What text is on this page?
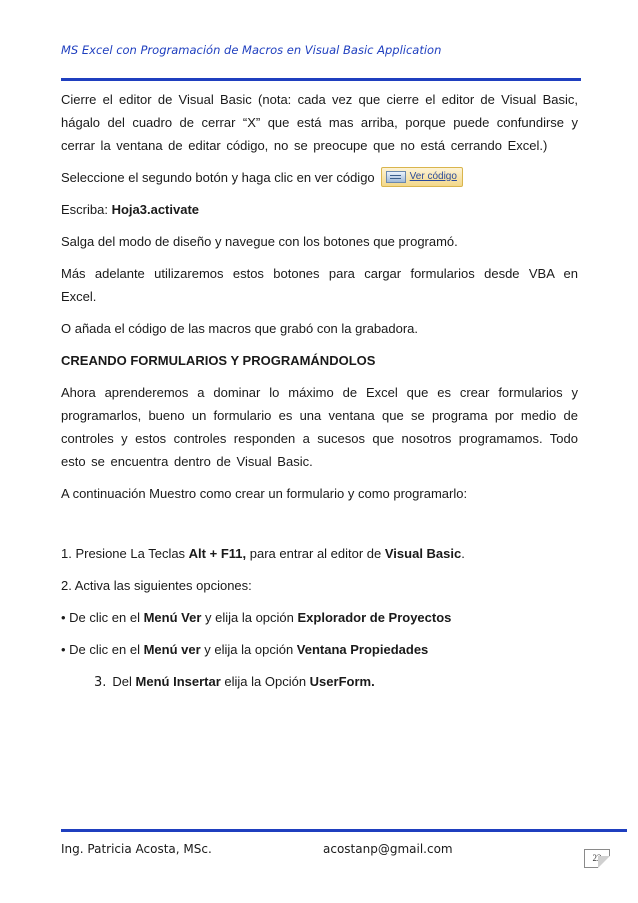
MS Excel con Programación de Macros en Visual Basic Application

Cierre el editor de Visual Basic (nota: cada vez que cierre el editor de Visual Basic, hágalo del cuadro de cerrar “X” que está mas arriba, porque puede confundirse y cerrar la ventana de editar código, no se preocupe que no está cerrando Excel.)

Seleccione el segundo botón y haga clic en ver código	Ver código

Escriba: Hoja3.activate

Salga del modo de diseño y navegue con los botones que programó.

Más adelante utilizaremos estos botones para cargar formularios desde VBA en Excel.

O añada el código de las macros que grabó con la grabadora.

CREANDO FORMULARIOS Y PROGRAMÁNDOLOS

Ahora aprenderemos a dominar lo máximo de Excel que es crear formularios y programarlos, bueno un formulario es una ventana que se programa por medio de controles y estos controles responden a sucesos que nosotros programamos. Todo esto se encuentra dentro de Visual Basic.

A continuación Muestro como crear un formulario y como programarlo:

1. Presione La Teclas Alt + F11, para entrar al editor de Visual Basic.

2. Activa las siguientes opciones:

• De clic en el Menú Ver y elija la opción Explorador de Proyectos

• De clic en el Menú ver y elija la opción Ventana Propiedades

3. Del Menú Insertar elija la Opción UserForm.

Ing. Patricia Acosta, MSc.	acostanp@gmail.com
22
